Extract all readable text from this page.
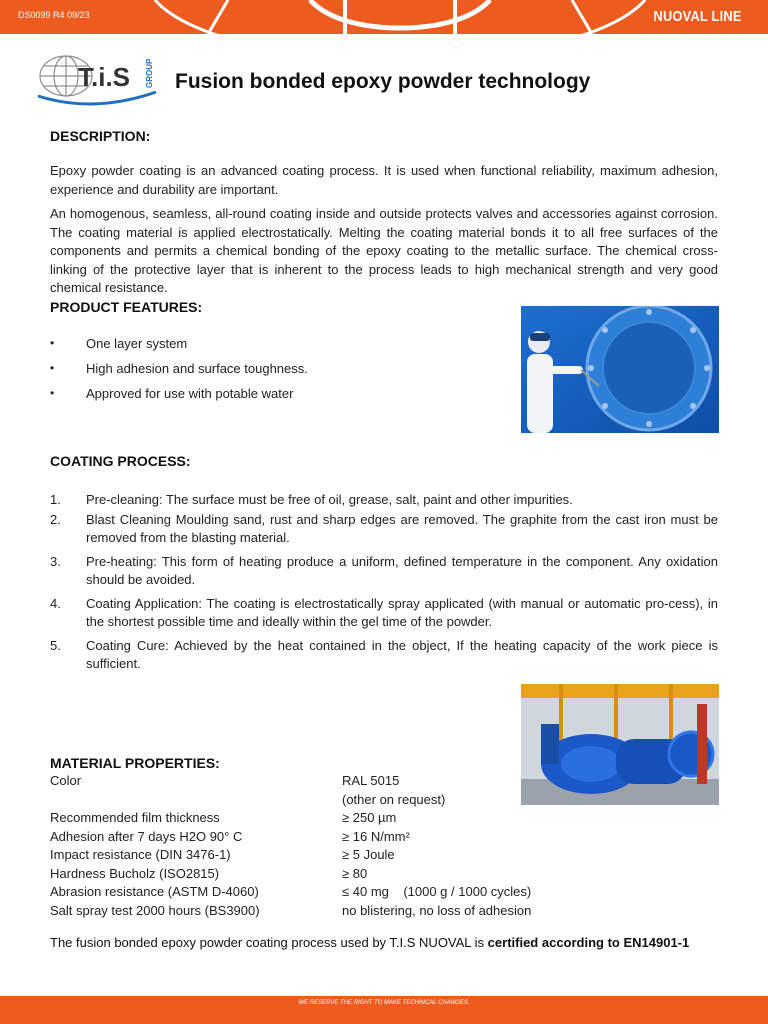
DS0099 R4 09/23	NUOVAL LINE
T.i.S GROUP Fusion bonded epoxy powder technology
DESCRIPTION:
Epoxy powder coating is an advanced coating process. It is used when functional reliability, maximum adhesion, experience and durability are important.
An homogenous, seamless, all-round coating inside and outside protects valves and accessories against corrosion. The coating material is applied electrostatically. Melting the coating material bonds it to all free surfaces of the components and permits a chemical bonding of the epoxy coating to the metallic surface. The chemical cross-linking of the protective layer that is inherent to the process leads to high mechanical strength and very good chemical resistance.
PRODUCT FEATURES:
• One layer system
• High adhesion and surface toughness.
• Approved for use with potable water
COATING PROCESS:
1. Pre-cleaning: The surface must be free of oil, grease, salt, paint and other impurities.
2. Blast Cleaning Moulding sand, rust and sharp edges are removed. The graphite from the cast iron must be removed from the blasting material.
3. Pre-heating: This form of heating produce a uniform, defined temperature in the component. Any oxidation should be avoided.
4. Coating Application: The coating is electrostatically spray applicated (with manual or automatic pro-cess), in the shortest possible time and ideally within the gel time of the powder.
5. Coating Cure: Achieved by the heat contained in the object, If the heating capacity of the work piece is sufficient.
MATERIAL PROPERTIES:
Color	RAL 5015
(other on request)
Recommended film thickness	≥ 250 µm
Adhesion after 7 days H2O 90° C	≥ 16 N/mm²
Impact resistance (DIN 3476-1)	≥ 5 Joule
Hardness Bucholz (ISO2815)	≥ 80
Abrasion resistance (ASTM D-4060)	≤ 40 mg    (1000 g / 1000 cycles)
Salt spray test 2000 hours (BS3900)	no blistering, no loss of adhesion
The fusion bonded epoxy powder coating process used by T.I.S NUOVAL is certified according to EN14901-1
WE RESERVE THE RIGHT TO MAKE TECHNICAL CHANGES.
